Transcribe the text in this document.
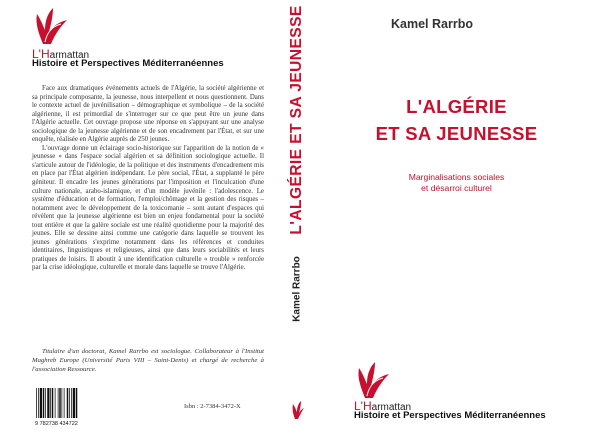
L'Harmattan
Histoire et Perspectives Méditerranéennes

Face aux dramatiques événements actuels de l'Algérie, la société algérienne et sa principale composante, la jeunesse, nous interpellent et nous questionnent. Dans le contexte actuel de juvénilisation – démographique et symbolique – de la société algérienne, il est primordial de s'interroger sur ce que peut être un jeune dans l'Algérie actuelle. Cet ouvrage propose une réponse en s'appuyant sur une analyse sociologique de la jeunesse algérienne et de son encadrement par l'État, et sur une enquête, réalisée en Algérie auprès de 250 jeunes.

L'ouvrage donne un éclairage socio-historique sur l'apparition de la notion de « jeunesse » dans l'espace social algérien et sa définition sociologique actuelle. Il s'articule autour de l'idéologie, de la politique et des instruments d'encadrement mis en place par l'État algérien indépendant. Le père social, l'État, a supplanté le père géniteur. Il encadre les jeunes générations par l'imposition et l'inculcation d'une culture nationale, arabo-islamique, et d'un modèle juvénile : l'adolescence. Le système d'éducation et de formation, l'emploi/chômage et la gestion des risques – notamment avec le développement de la toxicomanie – sont autant d'espaces qui révèlent que la jeunesse algérienne est bien un enjeu fondamental pour la société tout entière et que la galère sociale est une réalité quotidienne pour la majorité des jeunes. Elle se dessine ainsi comme une catégorie dans laquelle se trouvent les jeunes générations s'exprime notamment dans les références et conduites identitaires, linguistiques et religieuses, ainsi que dans leurs sociabilités et leurs pratiques de loisirs. Il aboutit à une identification culturelle « trouble » renforcée par la crise idéologique, culturelle et morale dans laquelle se trouve l'Algérie.

Titulaire d'un doctorat, Kamel Rarrbo est sociologue. Collaborateur à l'Institut Maghreb Europe (Université Paris VIII – Saint-Denis) et chargé de recherche à l'association Ressource.
9 782738 434722
Isbn : 2-7384-3472-X
L'ALGÉRIE ET SA JEUNESSE
Kamel Rarrbo
Kamel Rarrbo
L'ALGÉRIE
ET SA JEUNESSE
Marginalisations sociales
et désarroi culturel
L'Harmattan
Histoire et Perspectives Méditerranéennes
